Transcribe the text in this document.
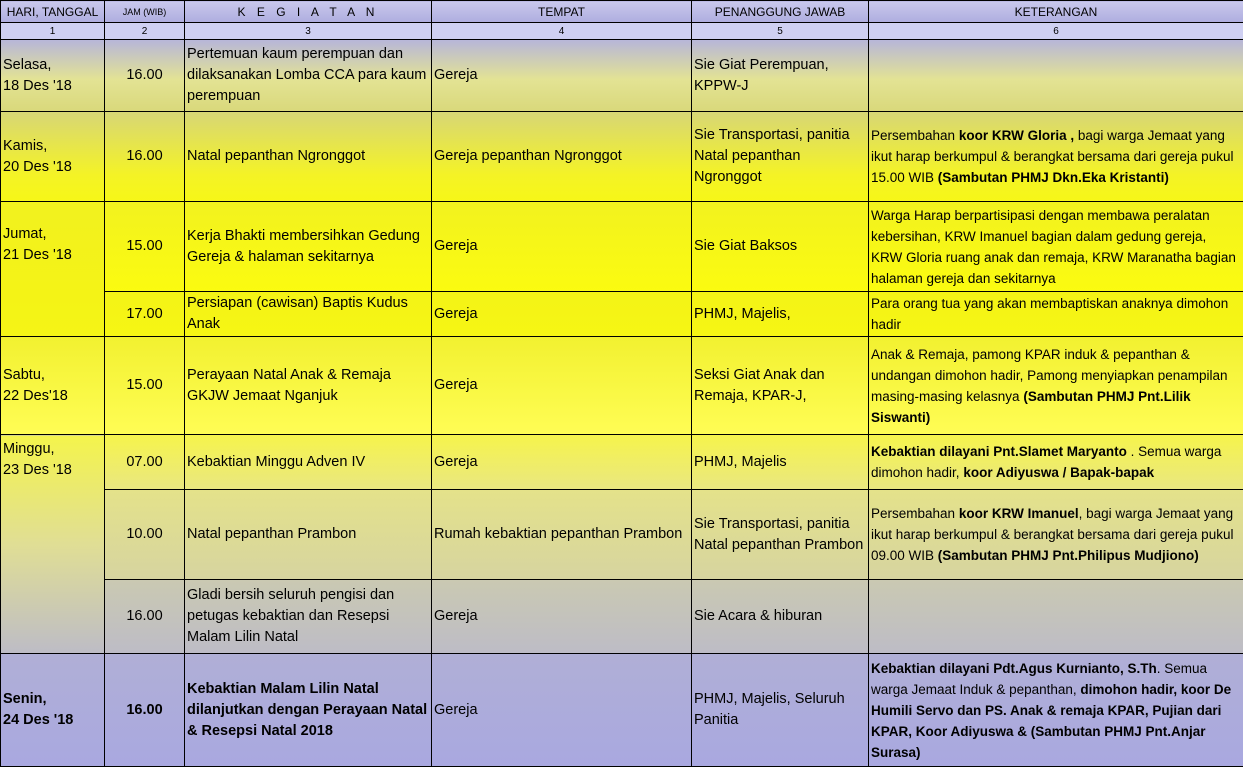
HARI, TANGGAL	JAM (WIB)	K E G I A T A N	TEMPAT	PENANGGUNG JAWAB	KETERANGAN
1	2	3	4	5	6
Selasa,
18 Des '18	16.00	Pertemuan kaum perempuan dan dilaksanakan Lomba CCA para kaum perempuan	Gereja	Sie Giat Perempuan, KPPW-J	
Kamis,
20 Des '18	16.00	Natal pepanthan Ngronggot	Gereja pepanthan Ngronggot	Sie Transportasi, panitia Natal pepanthan Ngronggot	Persembahan koor KRW Gloria , bagi warga Jemaat yang ikut harap berkumpul & berangkat bersama dari gereja pukul 15.00 WIB (Sambutan PHMJ Dkn.Eka Kristanti)
Jumat,
21 Des '18	15.00	Kerja Bhakti membersihkan Gedung Gereja & halaman sekitarnya	Gereja	Sie Giat Baksos	Warga Harap berpartisipasi dengan membawa peralatan kebersihan, KRW Imanuel bagian dalam gedung gereja, KRW Gloria ruang anak dan remaja, KRW Maranatha bagian halaman gereja dan sekitarnya
	17.00	Persiapan (cawisan) Baptis Kudus Anak	Gereja	PHMJ, Majelis,	Para orang tua yang akan membaptiskan anaknya dimohon hadir
Sabtu,
22 Des'18	15.00	Perayaan Natal Anak & Remaja GKJW Jemaat Nganjuk	Gereja	Seksi Giat Anak dan Remaja, KPAR-J,	Anak & Remaja, pamong KPAR induk & pepanthan & undangan dimohon hadir, Pamong menyiapkan penampilan masing-masing kelasnya (Sambutan PHMJ Pnt.Lilik Siswanti)
Minggu,
23 Des '18	07.00	Kebaktian Minggu Adven IV	Gereja	PHMJ, Majelis	Kebaktian dilayani Pnt.Slamet Maryanto . Semua warga dimohon hadir, koor Adiyuswa / Bapak-bapak
	10.00	Natal pepanthan Prambon	Rumah kebaktian pepanthan Prambon	Sie Transportasi, panitia Natal pepanthan Prambon	Persembahan koor KRW Imanuel, bagi warga Jemaat yang ikut harap berkumpul & berangkat bersama dari gereja pukul 09.00 WIB (Sambutan PHMJ Pnt.Philipus Mudjiono)
	16.00	Gladi bersih seluruh pengisi dan petugas kebaktian dan Resepsi Malam Lilin Natal	Gereja	Sie Acara & hiburan	
Senin,
24 Des '18	16.00	Kebaktian Malam Lilin Natal dilanjutkan dengan Perayaan Natal & Resepsi Natal 2018	Gereja	PHMJ, Majelis, Seluruh Panitia	Kebaktian dilayani Pdt.Agus Kurnianto, S.Th. Semua warga Jemaat Induk & pepanthan, dimohon hadir, koor De Humili Servo dan PS. Anak & remaja KPAR, Pujian dari KPAR, Koor Adiyuswa & (Sambutan PHMJ Pnt.Anjar Surasa)
